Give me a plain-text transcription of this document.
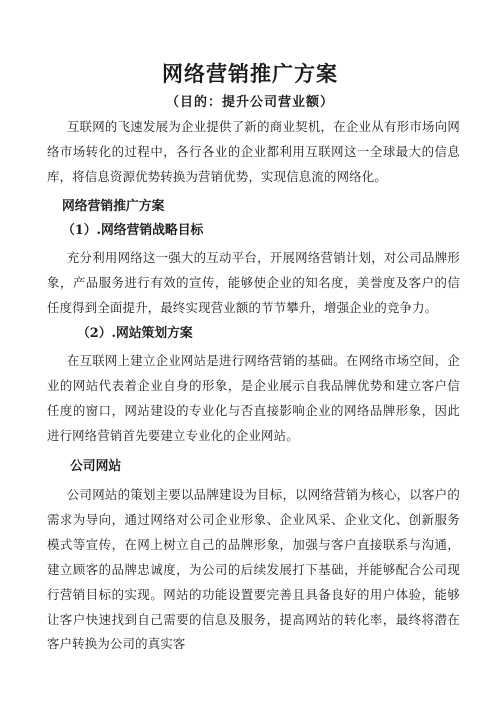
网络营销推广方案
（目的：提升公司营业额）
互联网的飞速发展为企业提供了新的商业契机，在企业从有形市场向网络市场转化的过程中，各行各业的企业都利用互联网这一全球最大的信息库，将信息资源优势转换为营销优势，实现信息流的网络化。
网络营销推广方案
（1）.网络营销战略目标
充分利用网络这一强大的互动平台，开展网络营销计划，对公司品牌形象，产品服务进行有效的宣传，能够使企业的知名度，美誉度及客户的信任度得到全面提升，最终实现营业额的节节攀升，增强企业的竞争力。
（2）.网站策划方案
在互联网上建立企业网站是进行网络营销的基础。在网络市场空间，企业的网站代表着企业自身的形象，是企业展示自我品牌优势和建立客户信任度的窗口，网站建设的专业化与否直接影响企业的网络品牌形象，因此进行网络营销首先要建立专业化的企业网站。
公司网站
公司网站的策划主要以品牌建设为目标，以网络营销为核心，以客户的需求为导向，通过网络对公司企业形象、企业风采、企业文化、创新服务模式等宣传，在网上树立自己的品牌形象，加强与客户直接联系与沟通，建立顾客的品牌忠诚度，为公司的后续发展打下基础，并能够配合公司现行营销目标的实现。网站的功能设置要完善且具备良好的用户体验，能够让客户快速找到自己需要的信息及服务，提高网站的转化率，最终将潜在客户转换为公司的真实客
